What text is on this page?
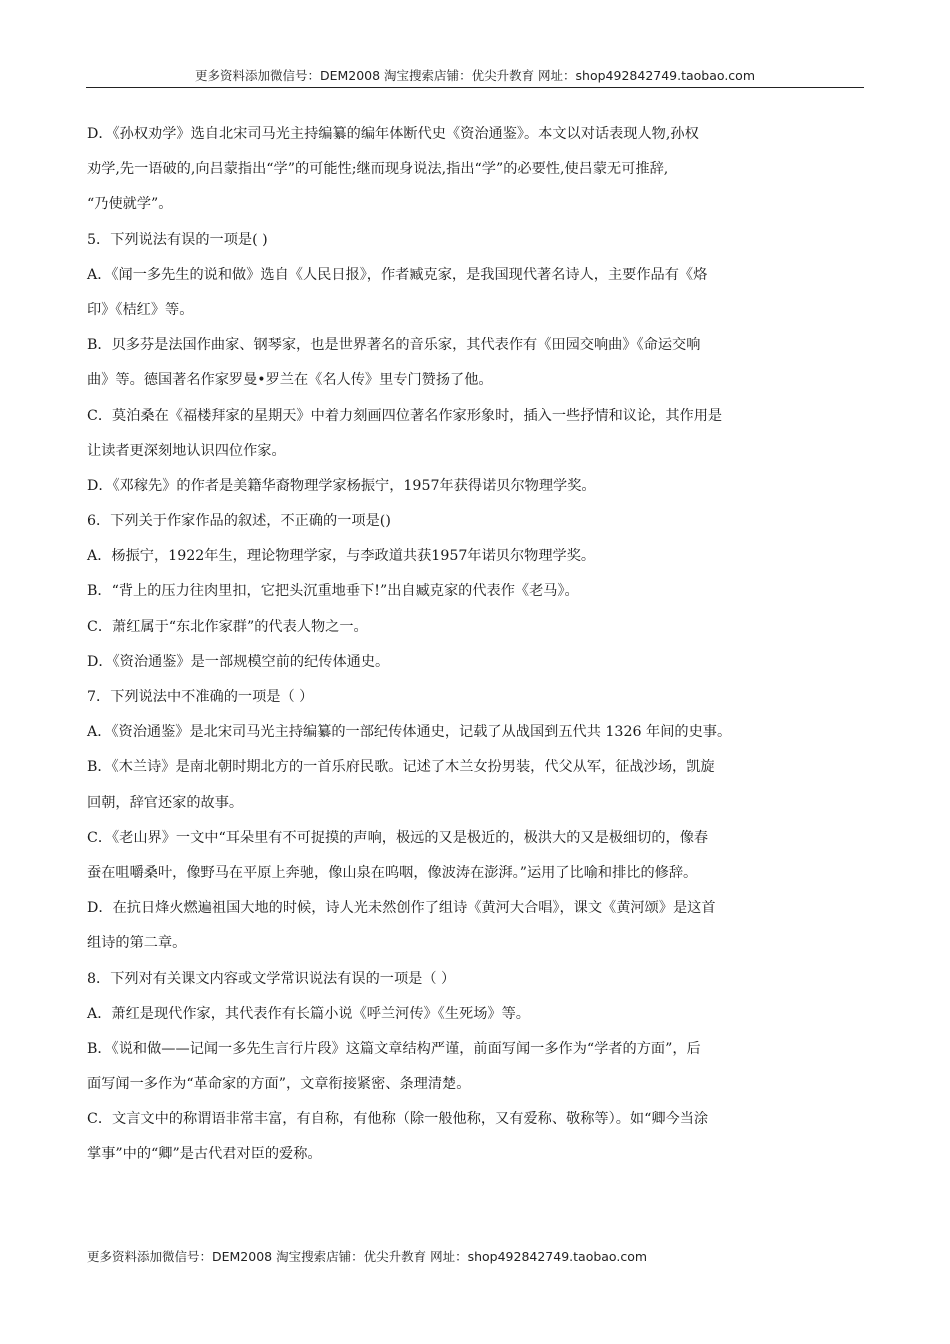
更多资料添加微信号：DEM2008 淘宝搜索店铺：优尖升教育 网址：shop492842749.taobao.com
D．《孙权劝学》选自北宋司马光主持编纂的编年体断代史《资治通鉴》。本文以对话表现人物,孙权
劝学,先一语破的,向吕蒙指出“学”的可能性;继而现身说法,指出“学”的必要性,使吕蒙无可推辞,
“乃使就学”。
5．下列说法有误的一项是( )
A．《闻一多先生的说和做》选自《人民日报》，作者臧克家，是我国现代著名诗人，主要作品有《烙
印》《桔红》等。
B．贝多芬是法国作曲家、钢琴家，也是世界著名的音乐家，其代表作有《田园交响曲》《命运交响
曲》等。德国著名作家罗曼•罗兰在《名人传》里专门赞扬了他。
C．莫泊桑在《福楼拜家的星期天》中着力刻画四位著名作家形象时，插入一些抒情和议论，其作用是
让读者更深刻地认识四位作家。
D．《邓稼先》的作者是美籍华裔物理学家杨振宁，1957年获得诺贝尔物理学奖。
6．下列关于作家作品的叙述，不正确的一项是()
A．杨振宁，1922年生，理论物理学家，与李政道共获1957年诺贝尔物理学奖。
B．“背上的压力往肉里扣，它把头沉重地垂下!”出自臧克家的代表作《老马》。
C．萧红属于“东北作家群”的代表人物之一。
D．《资治通鉴》是一部规模空前的纪传体通史。
7．下列说法中不准确的一项是（ ）
A．《资治通鉴》是北宋司马光主持编纂的一部纪传体通史，记载了从战国到五代共 1326 年间的史事。
B．《木兰诗》是南北朝时期北方的一首乐府民歌。记述了木兰女扮男装，代父从军，征战沙场，凯旋
回朝，辞官还家的故事。
C．《老山界》一文中“耳朵里有不可捉摸的声响，极远的又是极近的，极洪大的又是极细切的，像春
蚕在咀嚼桑叶，像野马在平原上奔驰，像山泉在呜咽，像波涛在澎湃。”运用了比喻和排比的修辞。
D．在抗日烽火燃遍祖国大地的时候，诗人光未然创作了组诗《黄河大合唱》，课文《黄河颂》是这首
组诗的第二章。
8．下列对有关课文内容或文学常识说法有误的一项是（ ）
A．萧红是现代作家，其代表作有长篇小说《呼兰河传》《生死场》等。
B．《说和做——记闻一多先生言行片段》这篇文章结构严谨，前面写闻一多作为“学者的方面”，后
面写闻一多作为“革命家的方面”，文章衔接紧密、条理清楚。
C．文言文中的称谓语非常丰富，有自称，有他称（除一般他称，又有爱称、敬称等）。如“卿今当涂
掌事”中的“卿”是古代君对臣的爱称。
更多资料添加微信号：DEM2008 淘宝搜索店铺：优尖升教育 网址：shop492842749.taobao.com
